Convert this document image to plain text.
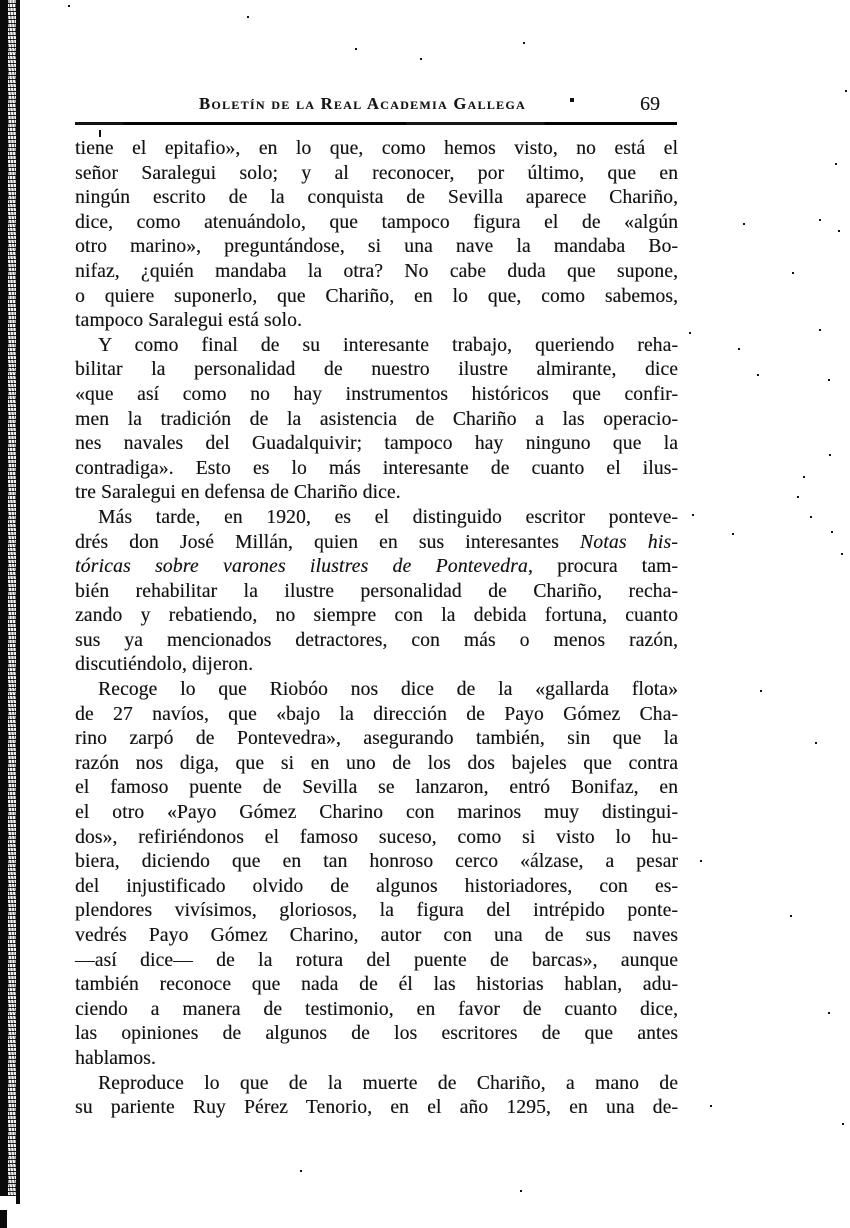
Boletín de la Real Academia Gallega	69
tiene el epitafio», en lo que, como hemos visto, no está el
señor Saralegui solo; y al reconocer, por último, que en
ningún escrito de la conquista de Sevilla aparece Chariño,
dice, como atenuándolo, que tampoco figura el de «algún
otro marino», preguntándose, si una nave la mandaba Bo-
nifaz, ¿quién mandaba la otra? No cabe duda que supone,
o quiere suponerlo, que Chariño, en lo que, como sabemos,
tampoco Saralegui está solo.
Y como final de su interesante trabajo, queriendo reha-
bilitar la personalidad de nuestro ilustre almirante, dice
«que así como no hay instrumentos históricos que confir-
men la tradición de la asistencia de Chariño a las operacio-
nes navales del Guadalquivir; tampoco hay ninguno que la
contradiga». Esto es lo más interesante de cuanto el ilus-
tre Saralegui en defensa de Chariño dice.
Más tarde, en 1920, es el distinguido escritor ponteve-
drés don José Millán, quien en sus interesantes Notas his-
tóricas sobre varones ilustres de Pontevedra, procura tam-
bién rehabilitar la ilustre personalidad de Chariño, recha-
zando y rebatiendo, no siempre con la debida fortuna, cuanto
sus ya mencionados detractores, con más o menos razón,
discutiéndolo, dijeron.
Recoge lo que Riobóo nos dice de la «gallarda flota»
de 27 navíos, que «bajo la dirección de Payo Gómez Cha-
rino zarpó de Pontevedra», asegurando también, sin que la
razón nos diga, que si en uno de los dos bajeles que contra
el famoso puente de Sevilla se lanzaron, entró Bonifaz, en
el otro «Payo Gómez Charino con marinos muy distingui-
dos», refiriéndonos el famoso suceso, como si visto lo hu-
biera, diciendo que en tan honroso cerco «álzase, a pesar
del injustificado olvido de algunos historiadores, con es-
plendores vivísimos, gloriosos, la figura del intrépido ponte-
vedrés Payo Gómez Charino, autor con una de sus naves
—así dice— de la rotura del puente de barcas», aunque
también reconoce que nada de él las historias hablan, adu-
ciendo a manera de testimonio, en favor de cuanto dice,
las opiniones de algunos de los escritores de que antes
hablamos.
Reproduce lo que de la muerte de Chariño, a mano de
su pariente Ruy Pérez Tenorio, en el año 1295, en una de-
